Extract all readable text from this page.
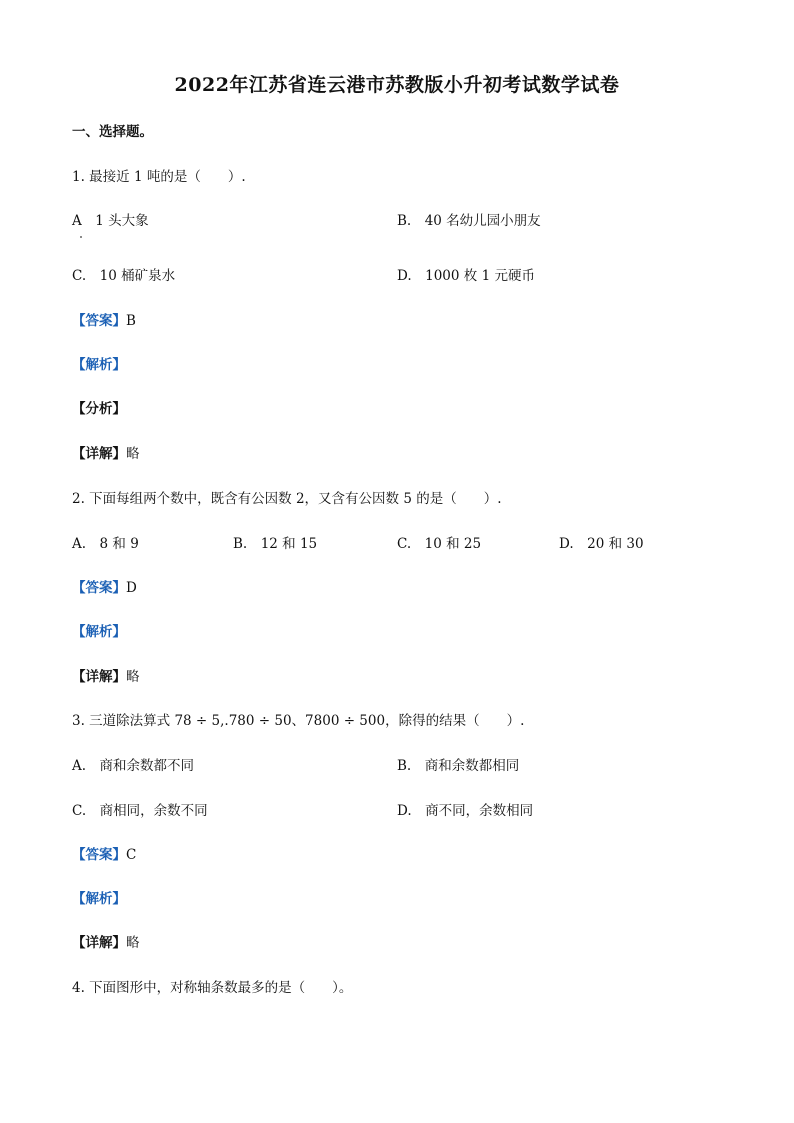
2022年江苏省连云港市苏教版小升初考试数学试卷
一、选择题。
1. 最接近 1 吨的是（　　）.
A　1 头大象	B.　40 名幼儿园小朋友
C.　10 桶矿泉水	D.　1000 枚 1 元硬币
【答案】B
【解析】
【分析】
【详解】略
2. 下面每组两个数中，既含有公因数 2，又含有公因数 5 的是（　　）.
A.　8 和 9	B.　12 和 15	C.　10 和 25	D.　20 和 30
【答案】D
【解析】
【详解】略
3. 三道除法算式 78 ÷ 5,.780 ÷ 50、7800 ÷ 500，除得的结果（　　）.
A.　商和余数都不同	B.　商和余数都相同
C.　商相同，余数不同	D.　商不同，余数相同
【答案】C
【解析】
【详解】略
4. 下面图形中，对称轴条数最多的是（　　）。
